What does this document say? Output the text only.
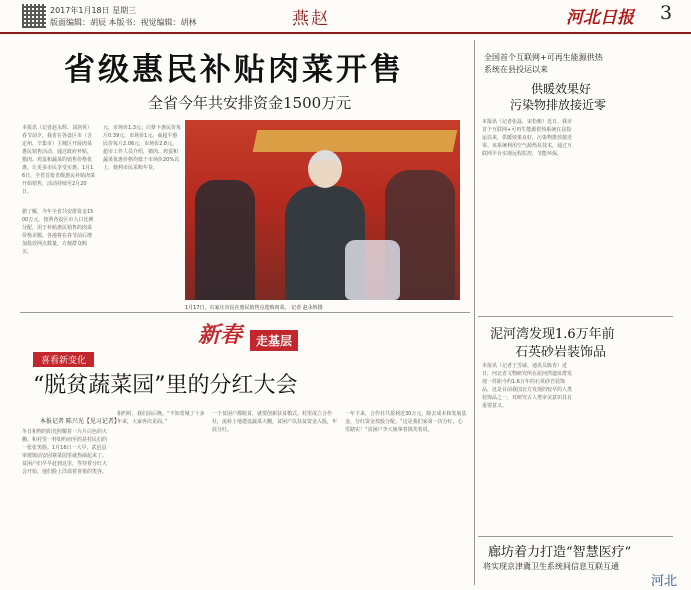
2017年1月18日 星期三
版面编辑：胡辰 本版书：视觉编辑：胡林	燕赵	河北日报 3
省级惠民补贴肉菜开售
全省今年共安排资金1500万元
本报讯（记者赵永辉、刘剑英）春节前夕，我省在各设区市（含定州、辛集市）主城区开展肉菜惠民销售活动，通过政府补贴，猪肉、鸡蛋和蔬菜的销售价格优惠，让更多市民享受实惠。1月16日，全省首批省级惠民补贴肉菜开始销售，活动持续至2月20日。
元，市场价1.3元；白萝卜惠民价每斤0.39元，市场价1元。商超平惠民价每斤2.06元，市场价2.8元。超市工作人员介绍，猪肉、鸡蛋和蔬菜优惠价格均低于市场价20%以上，便利市民采购年货。
据了解，今年全省共安排资金1500万元，按照各设区市人口比例分配，用于补贴惠民销售的肉菜价格差额。各地将在春节前后增加投放网点数量，方便群众购买。
1月17日，石家庄市民在惠民销售点选购肉菜。 记者 赵永辉摄
新春	走基层
喜看新变化
“脱贫蔬菜园”里的分红大会
本报记者 陈兴光【见习记者】
冬日和煦的阳光照耀着一片片白色的大棚。和村里一样如约而至的是村民们的一张张笑脸。1月16日一大早，武邑县审坡镇前安固寨菜园里就热闹起来了。贫困户们早早赶到这里，等待着分红大会开始，他们脸上洋溢着喜悦的笑容。
相约时，我们前后晚。“不知省城了十多年来，大家再次见面。”
一个贫困户都脱贫，就要创新扶贫模式。村里成立合作社，流转土地建设蔬菜大棚，贫困户以扶贫资金入股，年底分红。
一年下来，合作社共盈利近30万元，除去成本和发展基金，分红资金按股分配。“这是我们家第一次分红，心里踏实！”贫困户李大娘拿着钱笑着说。
全国首个互联网+可再生能源供热
系统在县投运以来
供暖效果好
污染物排放接近零
本报讯（记者张磊、宋松彬）近日，我市首个互联网+可再生能源供热系统在县投运以来，供暖效果良好，污染物排放接近零。该系统利用空气源热泵技术，通过互联网平台实现远程监控，节能环保。
泥河湾发现1.6万年前
石英砂岩装饰品
本报讯（记者王雪威、通讯员陈青）近日，河北省文物研究所在泥河湾遗址群发现一件距今约1.6万年的石英砂岩装饰品，这是目前我国北方发现的较早的人类装饰品之一，对研究古人类审美意识具有重要意义。
廊坊着力打造“智慧医疗”
将实现京津冀卫生系统间信息互联互通
河北
